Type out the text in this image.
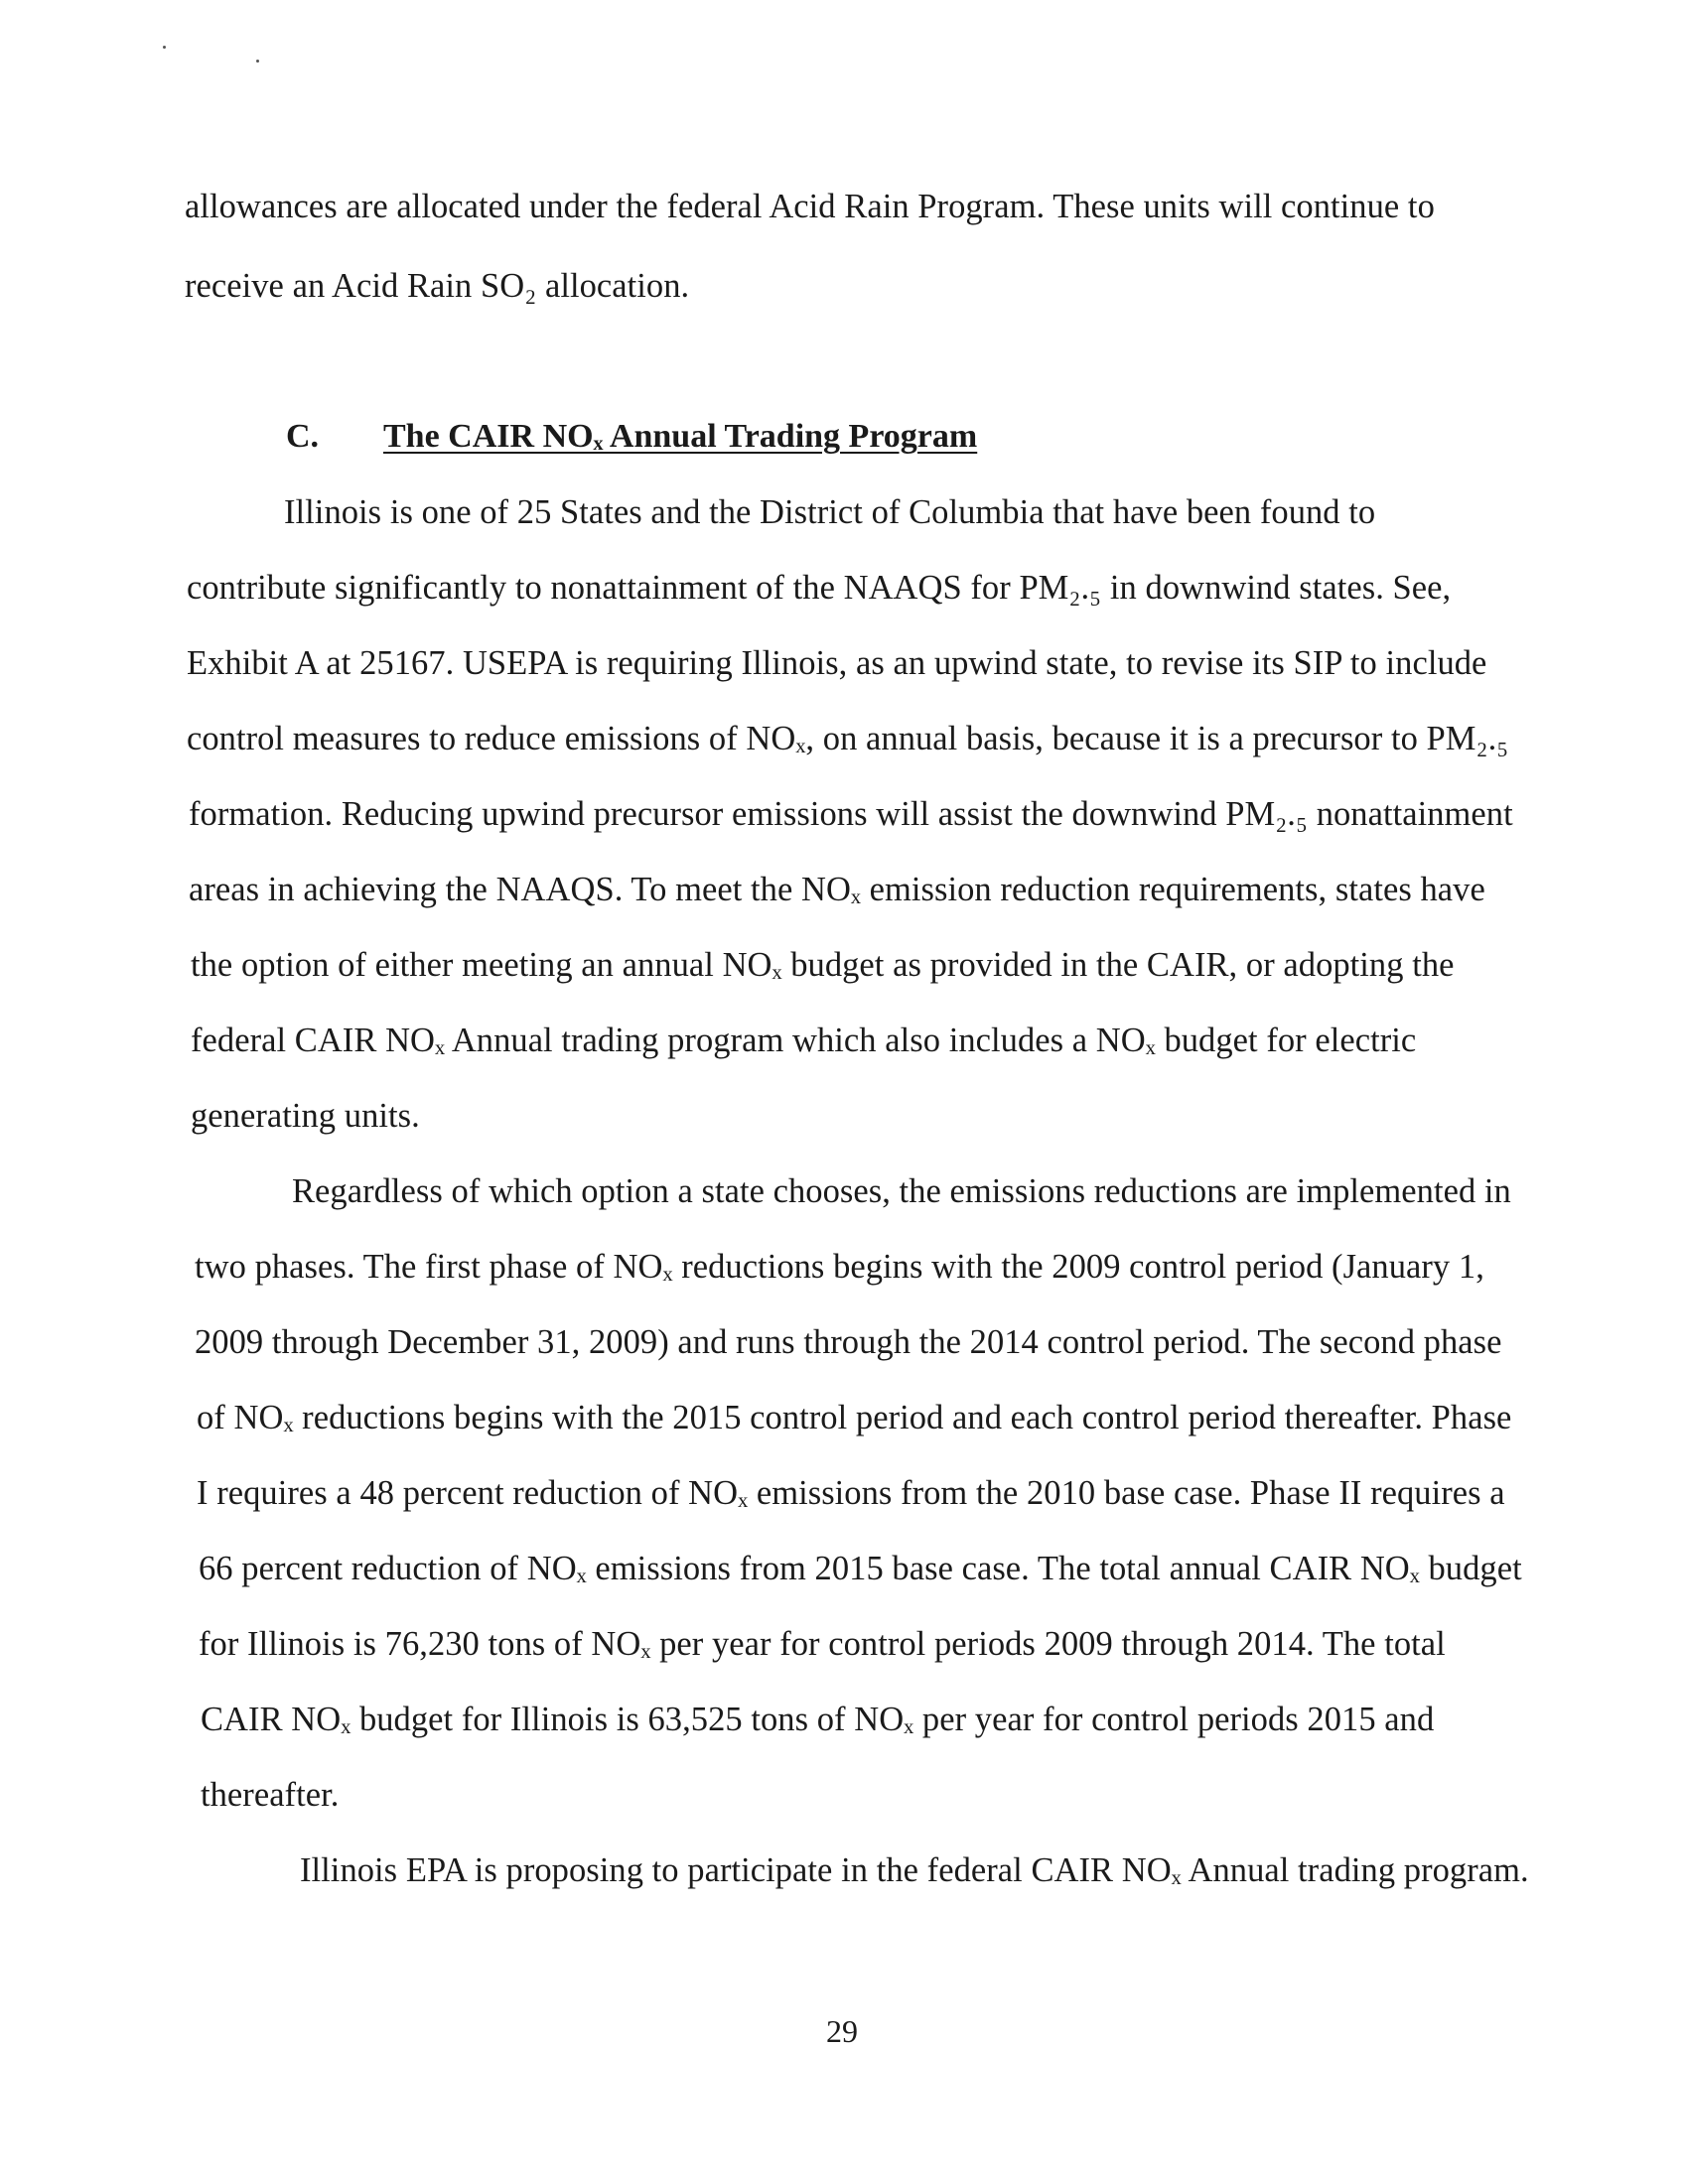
allowances are allocated under the federal Acid Rain Program. These units will continue to
receive an Acid Rain SO₂ allocation.
C. The CAIR NOₓ Annual Trading Program
Illinois is one of 25 States and the District of Columbia that have been found to
contribute significantly to nonattainment of the NAAQS for PM₂.₅ in downwind states. See,
Exhibit A at 25167. USEPA is requiring Illinois, as an upwind state, to revise its SIP to include
control measures to reduce emissions of NOₓ, on annual basis, because it is a precursor to PM₂.₅
formation. Reducing upwind precursor emissions will assist the downwind PM₂.₅ nonattainment
areas in achieving the NAAQS. To meet the NOₓ emission reduction requirements, states have
the option of either meeting an annual NOₓ budget as provided in the CAIR, or adopting the
federal CAIR NOₓ Annual trading program which also includes a NOₓ budget for electric
generating units.
Regardless of which option a state chooses, the emissions reductions are implemented in
two phases. The first phase of NOₓ reductions begins with the 2009 control period (January 1,
2009 through December 31, 2009) and runs through the 2014 control period. The second phase
of NOₓ reductions begins with the 2015 control period and each control period thereafter. Phase
I requires a 48 percent reduction of NOₓ emissions from the 2010 base case. Phase II requires a
66 percent reduction of NOₓ emissions from 2015 base case. The total annual CAIR NOₓ budget
for Illinois is 76,230 tons of NOₓ per year for control periods 2009 through 2014. The total
CAIR NOₓ budget for Illinois is 63,525 tons of NOₓ per year for control periods 2015 and
thereafter.
Illinois EPA is proposing to participate in the federal CAIR NOₓ Annual trading program.
29
